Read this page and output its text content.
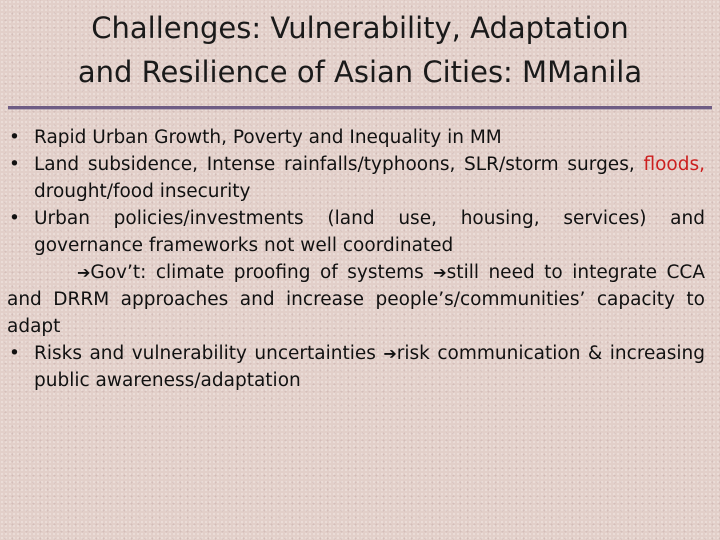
Challenges: Vulnerability, Adaptation
and Resilience of Asian Cities: MManila
• Rapid Urban Growth, Poverty and Inequality in MM
• Land subsidence, Intense rainfalls/typhoons, SLR/storm surges, floods, drought/food insecurity
• Urban policies/investments (land use, housing, services) and governance frameworks not well coordinated
➔Gov’t: climate proofing of systems ➔still need to integrate CCA and DRRM approaches and increase people’s/communities’ capacity to adapt
• Risks and vulnerability uncertainties ➔risk communication & increasing public awareness/adaptation
